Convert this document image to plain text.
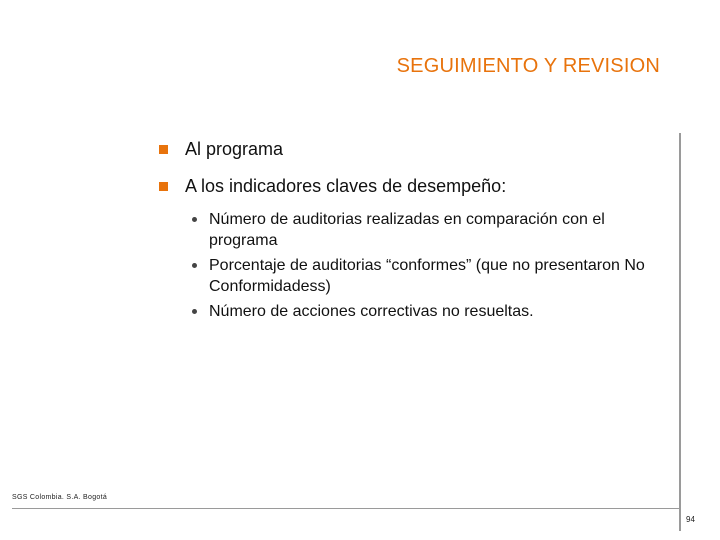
SEGUIMIENTO Y REVISION
Al programa
A los indicadores claves de desempeño:
Número de auditorias realizadas en comparación con el programa
Porcentaje de auditorias “conformes” (que no presentaron No Conformidadess)
Número de acciones correctivas no resueltas.
SGS Colombia. S.A. Bogotá
94
